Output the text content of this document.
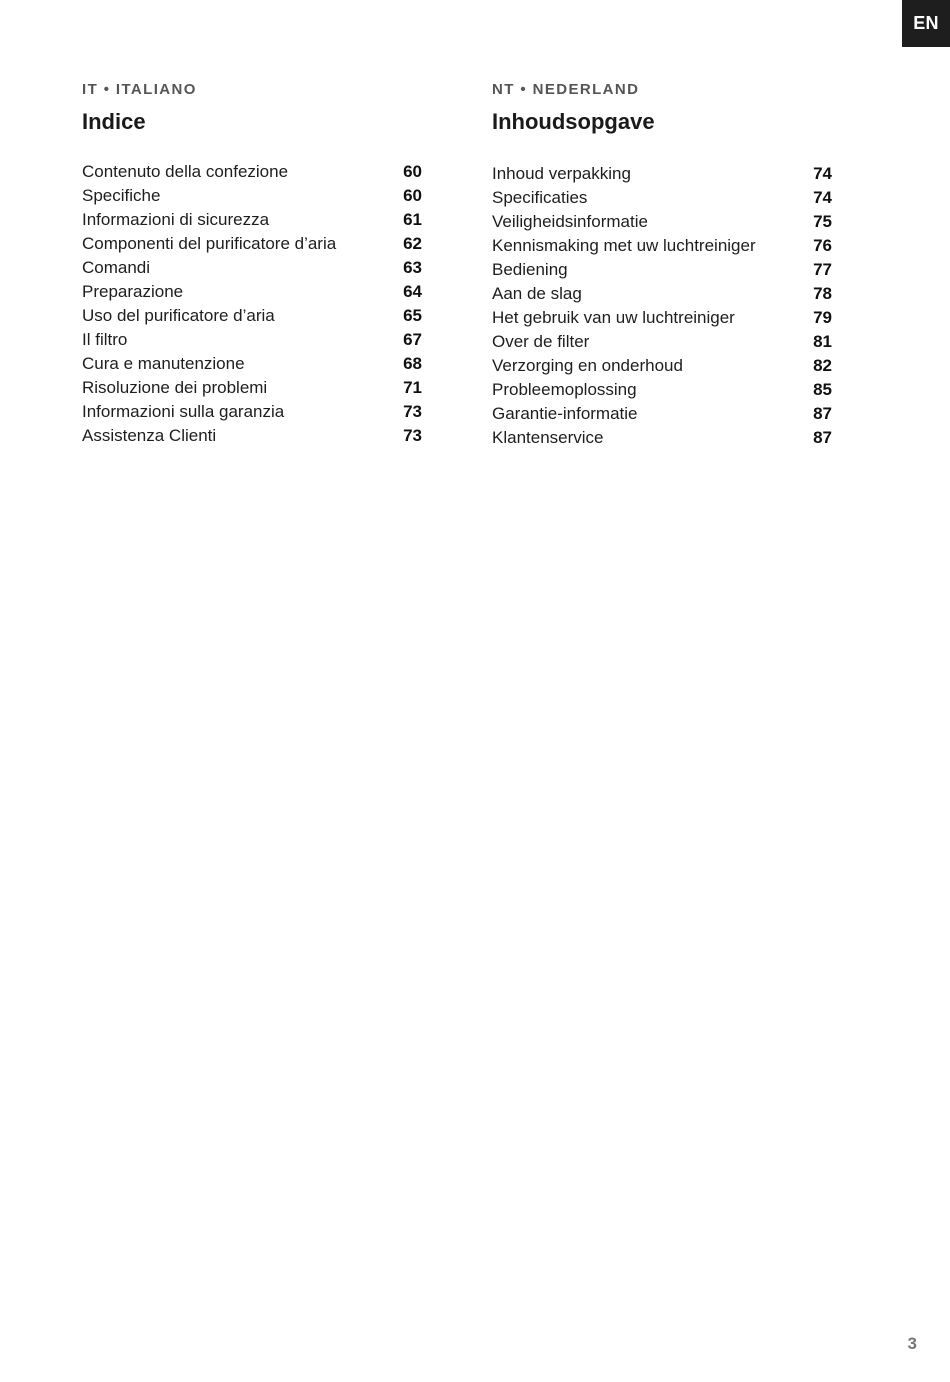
EN
IT • ITALIANO
Indice
Contenuto della confezione	60
Specifiche	60
Informazioni di sicurezza	61
Componenti del purificatore d’aria	62
Comandi	63
Preparazione	64
Uso del purificatore d’aria	65
Il filtro	67
Cura e manutenzione	68
Risoluzione dei problemi	71
Informazioni sulla garanzia	73
Assistenza Clienti	73
NT • NEDERLAND
Inhoudsopgave
Inhoud verpakking	74
Specificaties	74
Veiligheidsinformatie	75
Kennismaking met uw luchtreiniger	76
Bediening	77
Aan de slag	78
Het gebruik van uw luchtreiniger	79
Over de filter	81
Verzorging en onderhoud	82
Probleemoplossing	85
Garantie-informatie	87
Klantenservice	87
3
